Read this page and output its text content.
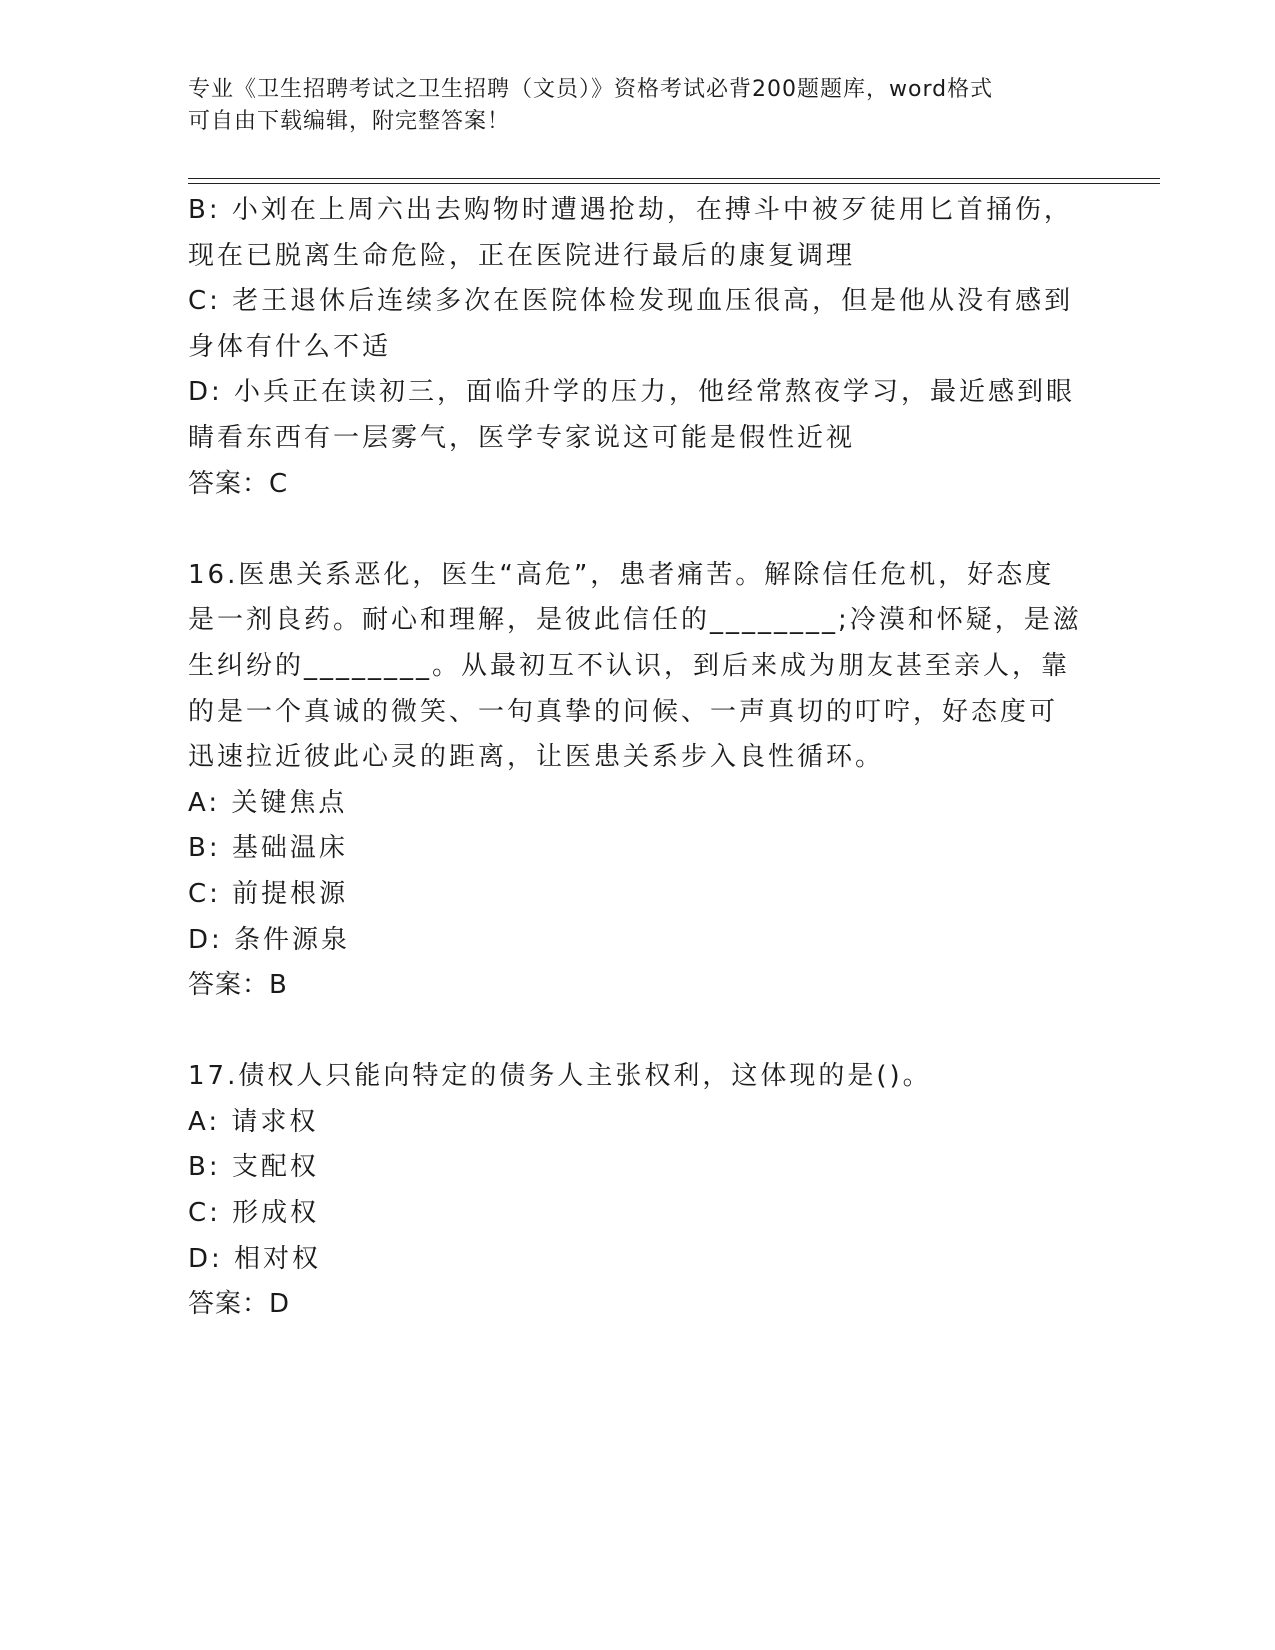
专业《卫生招聘考试之卫生招聘（文员）》资格考试必背200题题库，word格式
可自由下载编辑，附完整答案！
B: 小刘在上周六出去购物时遭遇抢劫，在搏斗中被歹徒用匕首捅伤，
现在已脱离生命危险，正在医院进行最后的康复调理
C: 老王退休后连续多次在医院体检发现血压很高，但是他从没有感到
身体有什么不适
D: 小兵正在读初三，面临升学的压力，他经常熬夜学习，最近感到眼
睛看东西有一层雾气，医学专家说这可能是假性近视
答案：C
16.医患关系恶化，医生“高危”，患者痛苦。解除信任危机，好态度
是一剂良药。耐心和理解，是彼此信任的________;冷漠和怀疑，是滋
生纠纷的________。从最初互不认识，到后来成为朋友甚至亲人，靠
的是一个真诚的微笑、一句真挚的问候、一声真切的叮咛，好态度可
迅速拉近彼此心灵的距离，让医患关系步入良性循环。
A: 关键焦点
B: 基础温床
C: 前提根源
D: 条件源泉
答案：B
17.债权人只能向特定的债务人主张权利，这体现的是()。
A: 请求权
B: 支配权
C: 形成权
D: 相对权
答案：D
